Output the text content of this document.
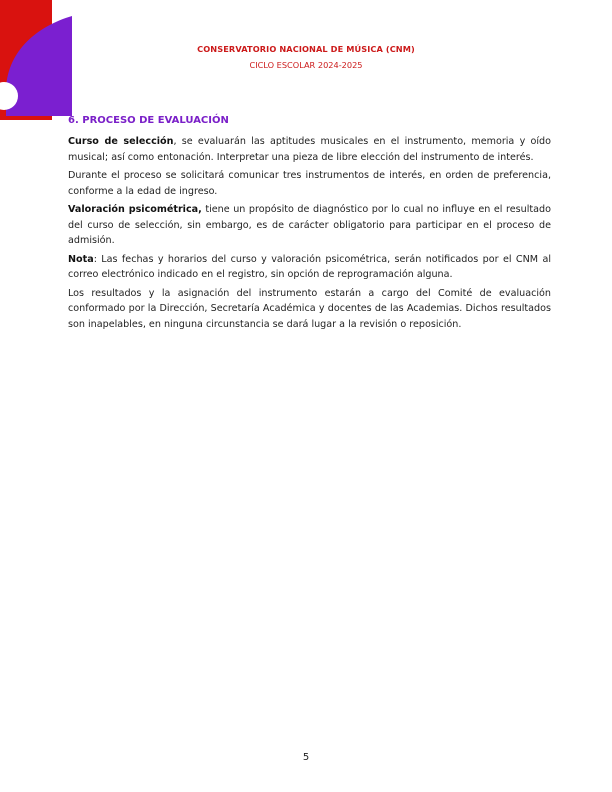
CONSERVATORIO NACIONAL DE MÚSICA (CNM)
CICLO ESCOLAR 2024-2025
6. PROCESO DE EVALUACIÓN

Curso de selección, se evaluarán las aptitudes musicales en el instrumento, memoria y oído musical; así como entonación. Interpretar una pieza de libre elección del instrumento de interés.

Durante el proceso se solicitará comunicar tres instrumentos de interés, en orden de preferencia, conforme a la edad de ingreso.

Valoración psicométrica, tiene un propósito de diagnóstico por lo cual no influye en el resultado del curso de selección, sin embargo, es de carácter obligatorio para participar en el proceso de admisión.

Nota: Las fechas y horarios del curso y valoración psicométrica, serán notificados por el CNM al correo electrónico indicado en el registro, sin opción de reprogramación alguna.

Los resultados y la asignación del instrumento estarán a cargo del Comité de evaluación conformado por la Dirección, Secretaría Académica y docentes de las Academias. Dichos resultados son inapelables, en ninguna circunstancia se dará lugar a la revisión o reposición.

5
